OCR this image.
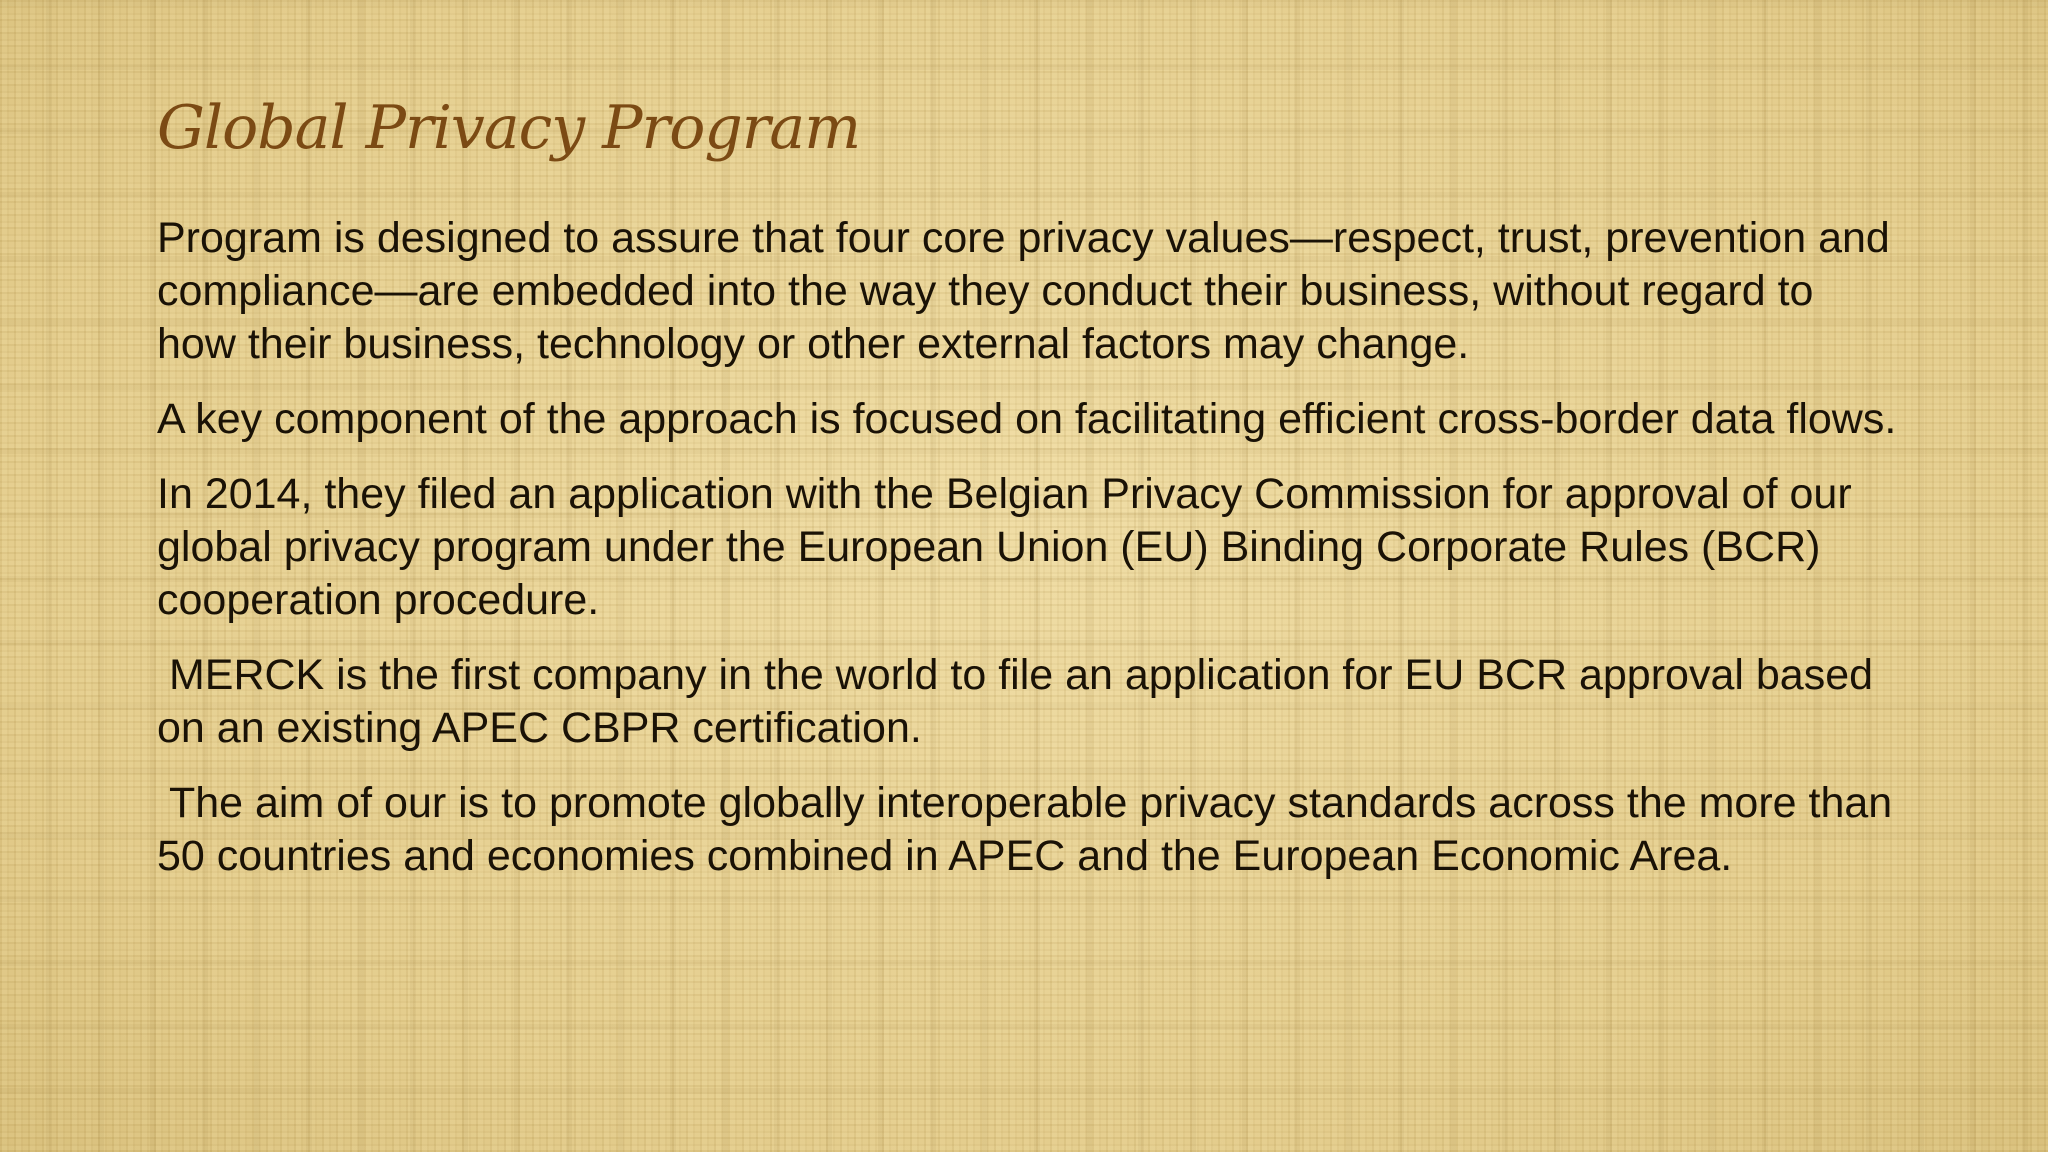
Global Privacy Program

Program is designed to assure that four core privacy values—respect, trust, prevention and compliance—are embedded into the way they conduct their business, without regard to how their business, technology or other external factors may change.

A key component of the approach is focused on facilitating efficient cross-border data flows.

In 2014, they filed an application with the Belgian Privacy Commission for approval of our global privacy program under the European Union (EU) Binding Corporate Rules (BCR) cooperation procedure.

MERCK is the first company in the world to file an application for EU BCR approval based on an existing APEC CBPR certification.

The aim of our is to promote globally interoperable privacy standards across the more than 50 countries and economies combined in APEC and the European Economic Area.
